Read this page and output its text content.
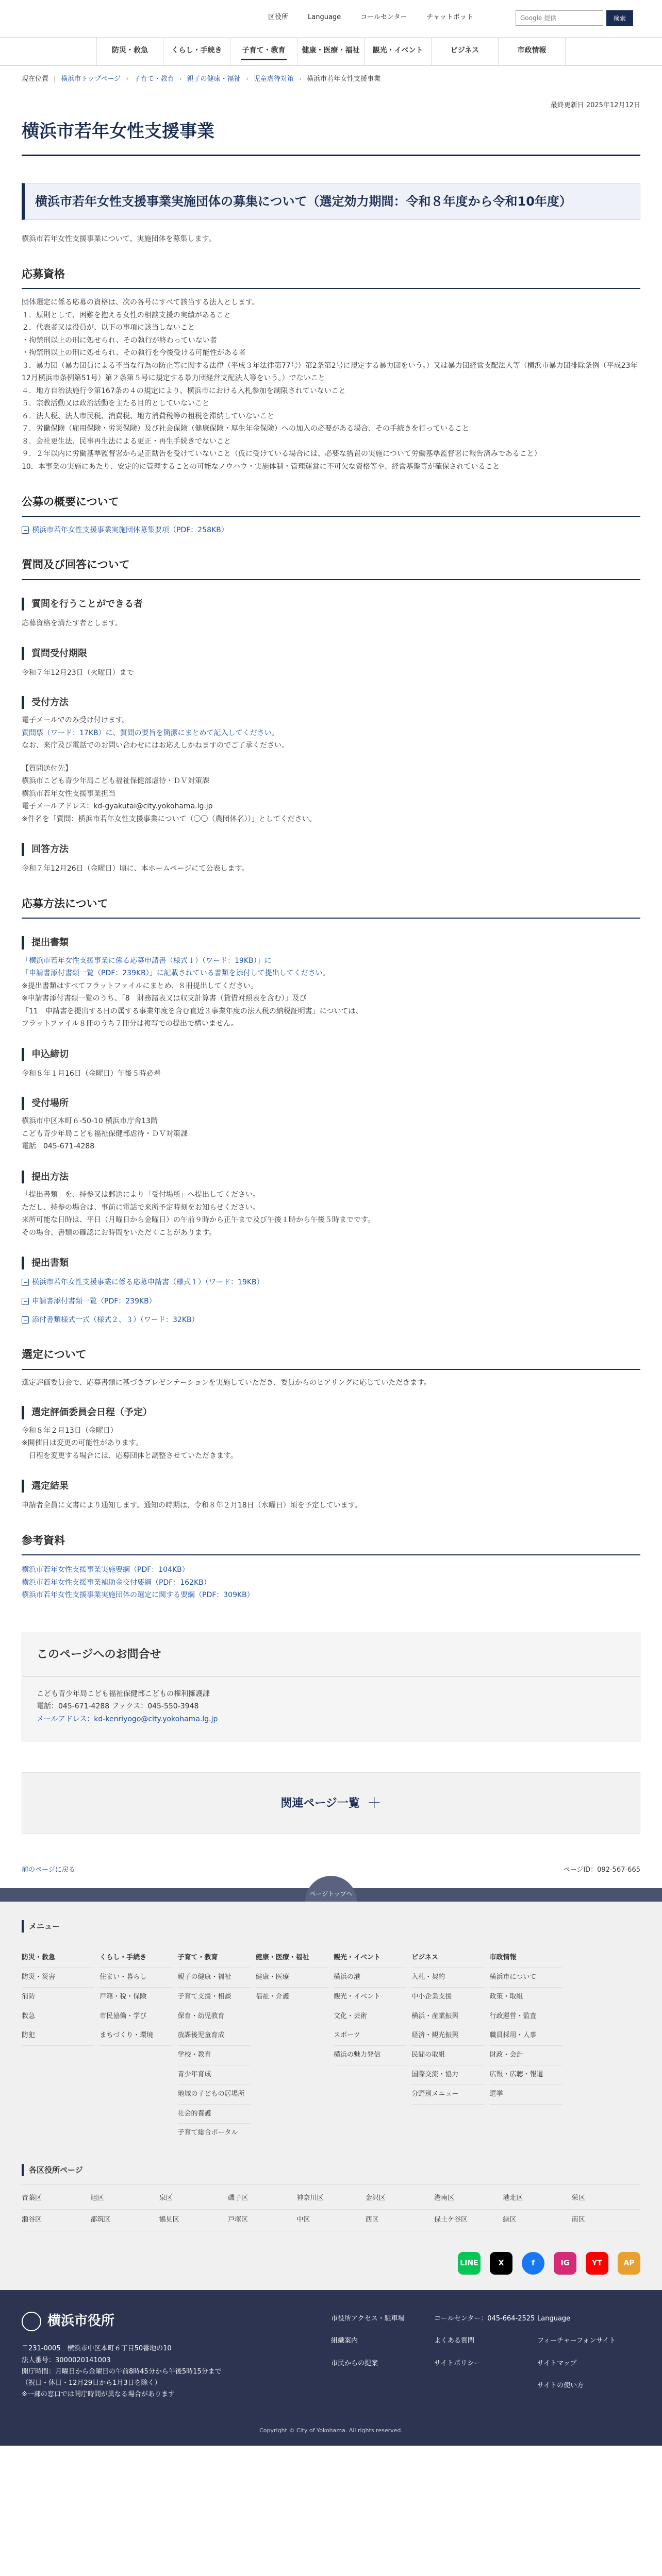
区役所	Language	コールセンター	チャットボット
Google 提供	検索
防災・救急	くらし・手続き	子育て・教育	健康・医療・福祉	観光・イベント	ビジネス	市政情報
現在位置 | 横浜市トップページ › 子育て・教育 › 親子の健康・福祉 › 児童虐待対策 › 横浜市若年女性支援事業
最終更新日 2025年12月12日
横浜市若年女性支援事業
横浜市若年女性支援事業実施団体の募集について（選定効力期間：令和８年度から令和10年度）
横浜市若年女性支援事業について、実施団体を募集します。
応募資格
団体選定に係る応募の資格は、次の各号にすべて該当する法人とします。
１．原則として、困難を抱える女性の相談支援の実績があること
２．代表者又は役員が、以下の事項に該当しないこと
・拘禁刑以上の刑に処せられ、その執行が終わっていない者
・拘禁刑以上の刑に処せられ、その執行を今後受ける可能性がある者
３．暴力団（暴力団員による不当な行為の防止等に関する法律（平成３年法律第77号）第2条第2号に規定する暴力団をいう。）又は暴力団経営支配法人等（横浜市暴力団排除条例（平成23年12月横浜市条例第51号）第２条第５号に規定する暴力団経営支配法人等をいう。）でないこと
４．地方自治法施行令第167条の４の規定により、横浜市における入札参加を制限されていないこと
５．宗教活動又は政治活動を主たる目的としていないこと
６．法人税、法人市民税、消費税、地方消費税等の租税を滞納していないこと
７．労働保険（雇用保険・労災保険）及び社会保険（健康保険・厚生年金保険）への加入の必要がある場合、その手続きを行っていること
８．会社更生法、民事再生法による更正・再生手続きでないこと
９．２年以内に労働基準監督署から是正勧告を受けていないこと（仮に受けている場合には、必要な措置の実施について労働基準監督署に報告済みであること）
10．本事業の実施にあたり、安定的に管理することの可能なノウハウ・実施体制・管理運営に不可欠な資格等や、経営基盤等が確保されていること
公募の概要について
横浜市若年女性支援事業実施団体募集要項（PDF：258KB）
質問及び回答について
質問を行うことができる者
応募資格を満たす者とします。
質問受付期限
令和７年12月23日（火曜日）まで
受付方法
電子メールでのみ受け付けます。
質問票（ワード：17KB）に、質問の要旨を簡潔にまとめて記入してください。
なお、来庁及び電話でのお問い合わせにはお応えしかねますのでご了承ください。
【質問送付先】
横浜市こども青少年局こども福祉保健部虐待・ＤＶ対策課
横浜市若年女性支援事業担当
電子メールアドレス：kd-gyakutai@city.yokohama.lg.jp
※件名を「質問：横浜市若年女性支援事業について（〇〇（農団体名））」としてください。
回答方法
令和７年12月26日（金曜日）頃に、本ホームページにて公表します。
応募方法について
提出書類
「横浜市若年女性支援事業に係る応募申請書（様式１）（ワード：19KB）」に
「申請書添付書類一覧（PDF：239KB）」に記載されている書類を添付して提出してください。
※提出書類はすべてフラットファイルにまとめ、８冊提出してください。
※申請書添付書類一覧のうち、「8　財務諸表又は収支計算書（貸借対照表を含む）」及び
「11　申請書を提出する日の属する事業年度を含む直近３事業年度の法人税の納税証明書」については、
フラットファイル８冊のうち７冊分は複写での提出で構いません。
申込締切
令和８年１月16日（金曜日）午後５時必着
受付場所
横浜市中区本町６-50-10 横浜市庁舎13階
こども青少年局こども福祉保健部虐待・ＤＶ対策課
電話　045-671-4288
提出方法
「提出書類」を、持参又は郵送により「受付場所」へ提出してください。
ただし、持参の場合は、事前に電話で来所予定時刻をお知らせください。
来所可能な日時は、平日（月曜日から金曜日）の午前９時から正午まで及び午後１時から午後５時までです。
その場合、書類の確認にお時間をいただくことがあります。
提出書類
横浜市若年女性支援事業に係る応募申請書（様式１）（ワード：19KB）
申請書添付書類一覧（PDF：239KB）
添付書類様式一式（様式２、３）（ワード：32KB）
選定について
選定評価委員会で、応募書類に基づきプレゼンテーションを実施していただき、委員からのヒアリングに応じていただきます。
選定評価委員会日程（予定）
令和８年２月13日（金曜日）
※開催日は変更の可能性があります。
　日程を変更する場合には、応募団体と調整させていただきます。
選定結果
申請者全員に文書により通知します。通知の時期は、令和８年２月18日（水曜日）頃を予定しています。
参考資料
横浜市若年女性支援事業実施要綱（PDF：104KB）
横浜市若年女性支援事業補助金交付要綱（PDF：162KB）
横浜市若年女性支援事業実施団体の選定に関する要綱（PDF：309KB）
このページへのお問合せ
こども青少年局こども福祉保健部こどもの権利擁護課
電話：045-671-4288 ファクス：045-550-3948
メールアドレス：kd-kenriyogo@city.yokohama.lg.jp
関連ページ一覧 ＋
前のページに戻る	ページID：092-567-665
ページトップへ
メニュー
防災・救急
防災・災害
消防
救急
防犯
くらし・手続き
住まい・暮らし
戸籍・税・保険
市民協働・学び
まちづくり・環境
子育て・教育
親子の健康・福祉
子育て支援・相談
保育・幼児教育
放課後児童育成
学校・教育
青少年育成
地域の子どもの居場所
社会的養護
子育て総合ポータル
健康・医療・福祉
健康・医療
福祉・介護
観光・イベント
横浜の港
観光・イベント
文化・芸術
スポーツ
横浜の魅力発信
ビジネス
入札・契約
中小企業支援
横浜・産業振興
経済・観光振興
民間の取組
国際交流・協力
分野別メニュー
市政情報
横浜市について
政策・取組
行政運営・監査
職員採用・人事
財政・会計
広報・広聴・報道
選挙
各区役所ページ
青葉区	旭区	泉区	磯子区	神奈川区	金沢区	港南区	港北区	栄区
瀬谷区	都筑区	鶴見区	戸塚区	中区	西区	保土ケ谷区	緑区	南区
LINE	X	f	IG	YT	AP
横浜市役所
〒231-0005　横浜市中区本町６丁目50番地の10
法人番号：3000020141003
開庁時間：月曜日から金曜日の午前8時45分から午後5時15分まで
（祝日・休日・12月29日から1月3日を除く）
※一部の窓口では開庁時間が異なる場合があります
市役所アクセス・駐車場	コールセンター：045-664-2525 Language
組織案内	よくある質問	フィーチャーフォンサイト
市民からの提案	サイトポリシー	サイトマップ
サイトの使い方
Copyright © City of Yokohama. All rights reserved.
